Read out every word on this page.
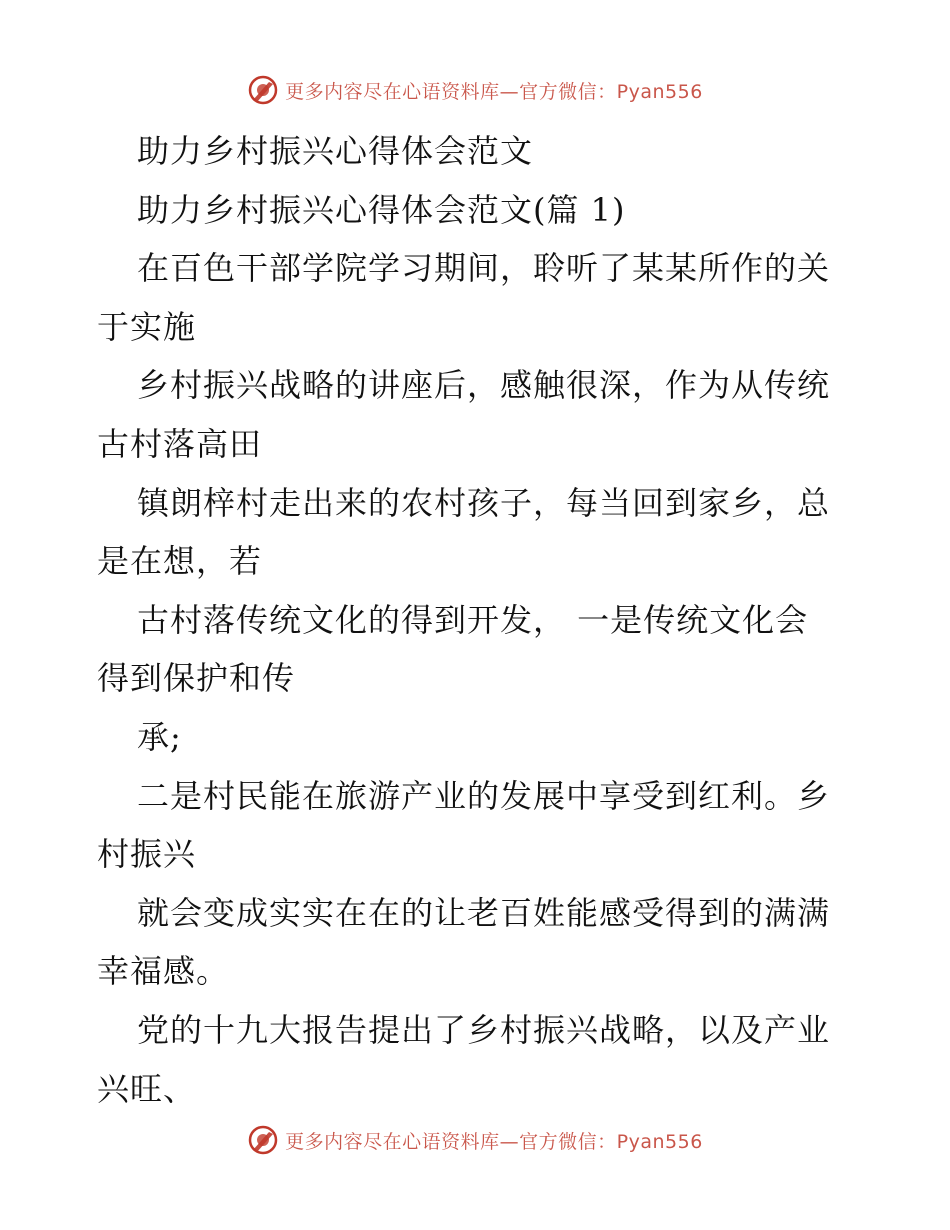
更多内容尽在心语资料库—官方微信：Pyan556
助力乡村振兴心得体会范文
助力乡村振兴心得体会范文(篇 1)
在百色干部学院学习期间，聆听了某某所作的关
于实施
乡村振兴战略的讲座后，感触很深，作为从传统
古村落高田
镇朗梓村走出来的农村孩子，每当回到家乡，总
是在想，若
古村落传统文化的得到开发， 一是传统文化会
得到保护和传
承;
二是村民能在旅游产业的发展中享受到红利。乡
村振兴
就会变成实实在在的让老百姓能感受得到的满满
幸福感。
党的十九大报告提出了乡村振兴战略，以及产业
兴旺、
更多内容尽在心语资料库—官方微信：Pyan556
